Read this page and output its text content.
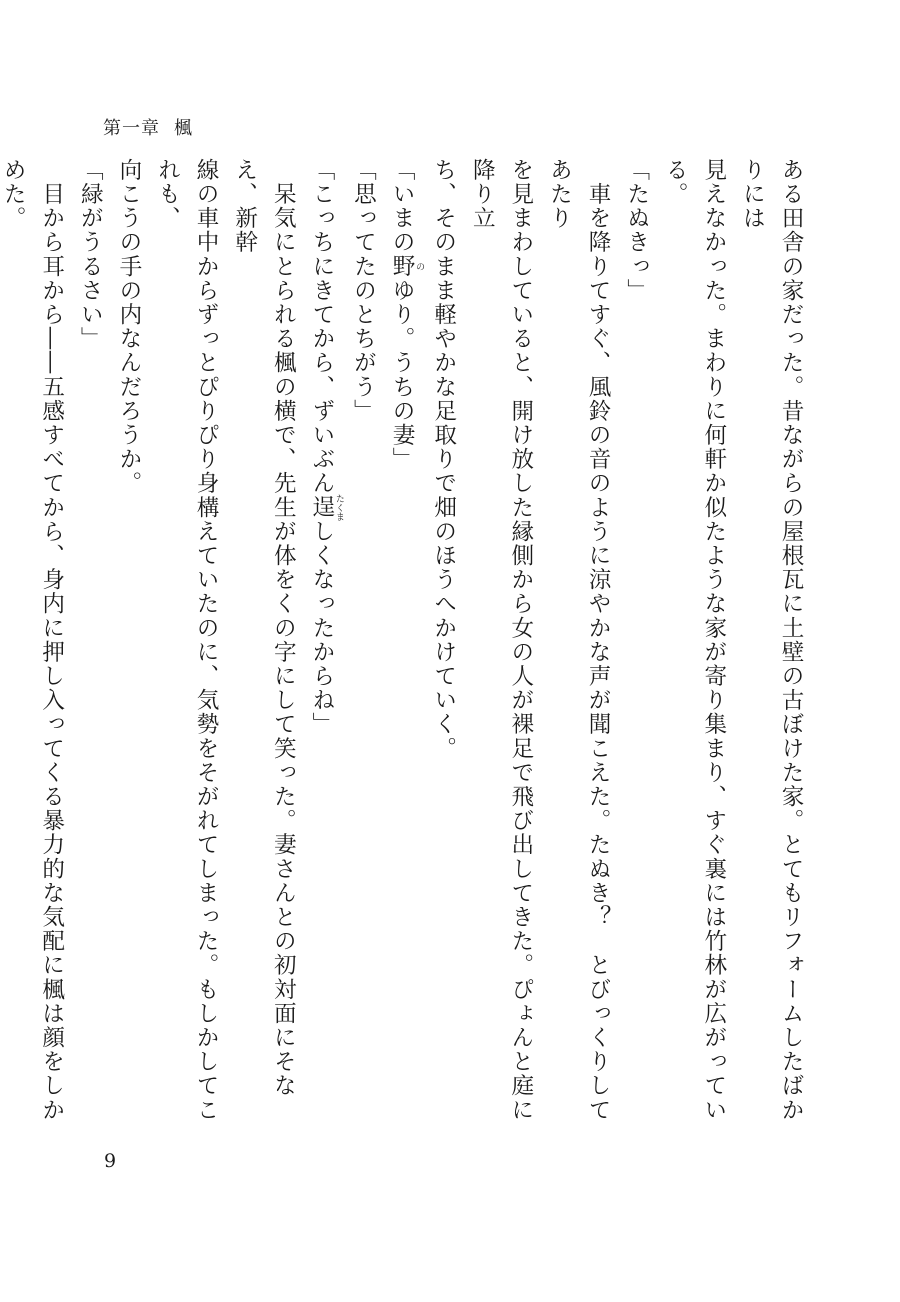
第一章 楓

ある田舎の家だった。昔ながらの屋根瓦に土壁の古ぼけた家。とてもリフォームしたばかりには

見えなかった。まわりに何軒か似たような家が寄り集まり、すぐ裏には竹林が広がっている。

「たぬきっ」

　車を降りてすぐ、風鈴の音のように涼やかな声が聞こえた。たぬき？　とびっくりしてあたり

を見まわしていると、開け放した縁側から女の人が裸足で飛び出してきた。ぴょんと庭に降り立

ち、そのまま軽やかな足取りで畑のほうへかけていく。

「いまの野 のゆり。うちの妻」

「思ってたのとちがう」

「こっちにきてから、ずいぶん逞 たくましくなったからね」

　呆気にとられる楓の横で、先生が体をくの字にして笑った。妻さんとの初対面にそなえ、新幹

線の車中からずっとぴりぴり身構えていたのに、気勢をそがれてしまった。もしかしてこれも、

向こうの手の内なんだろうか。

「緑がうるさい」

　目から耳から――五感すべてから、身内に押し入ってくる暴力的な気配に楓は顔をしかめた。

9
